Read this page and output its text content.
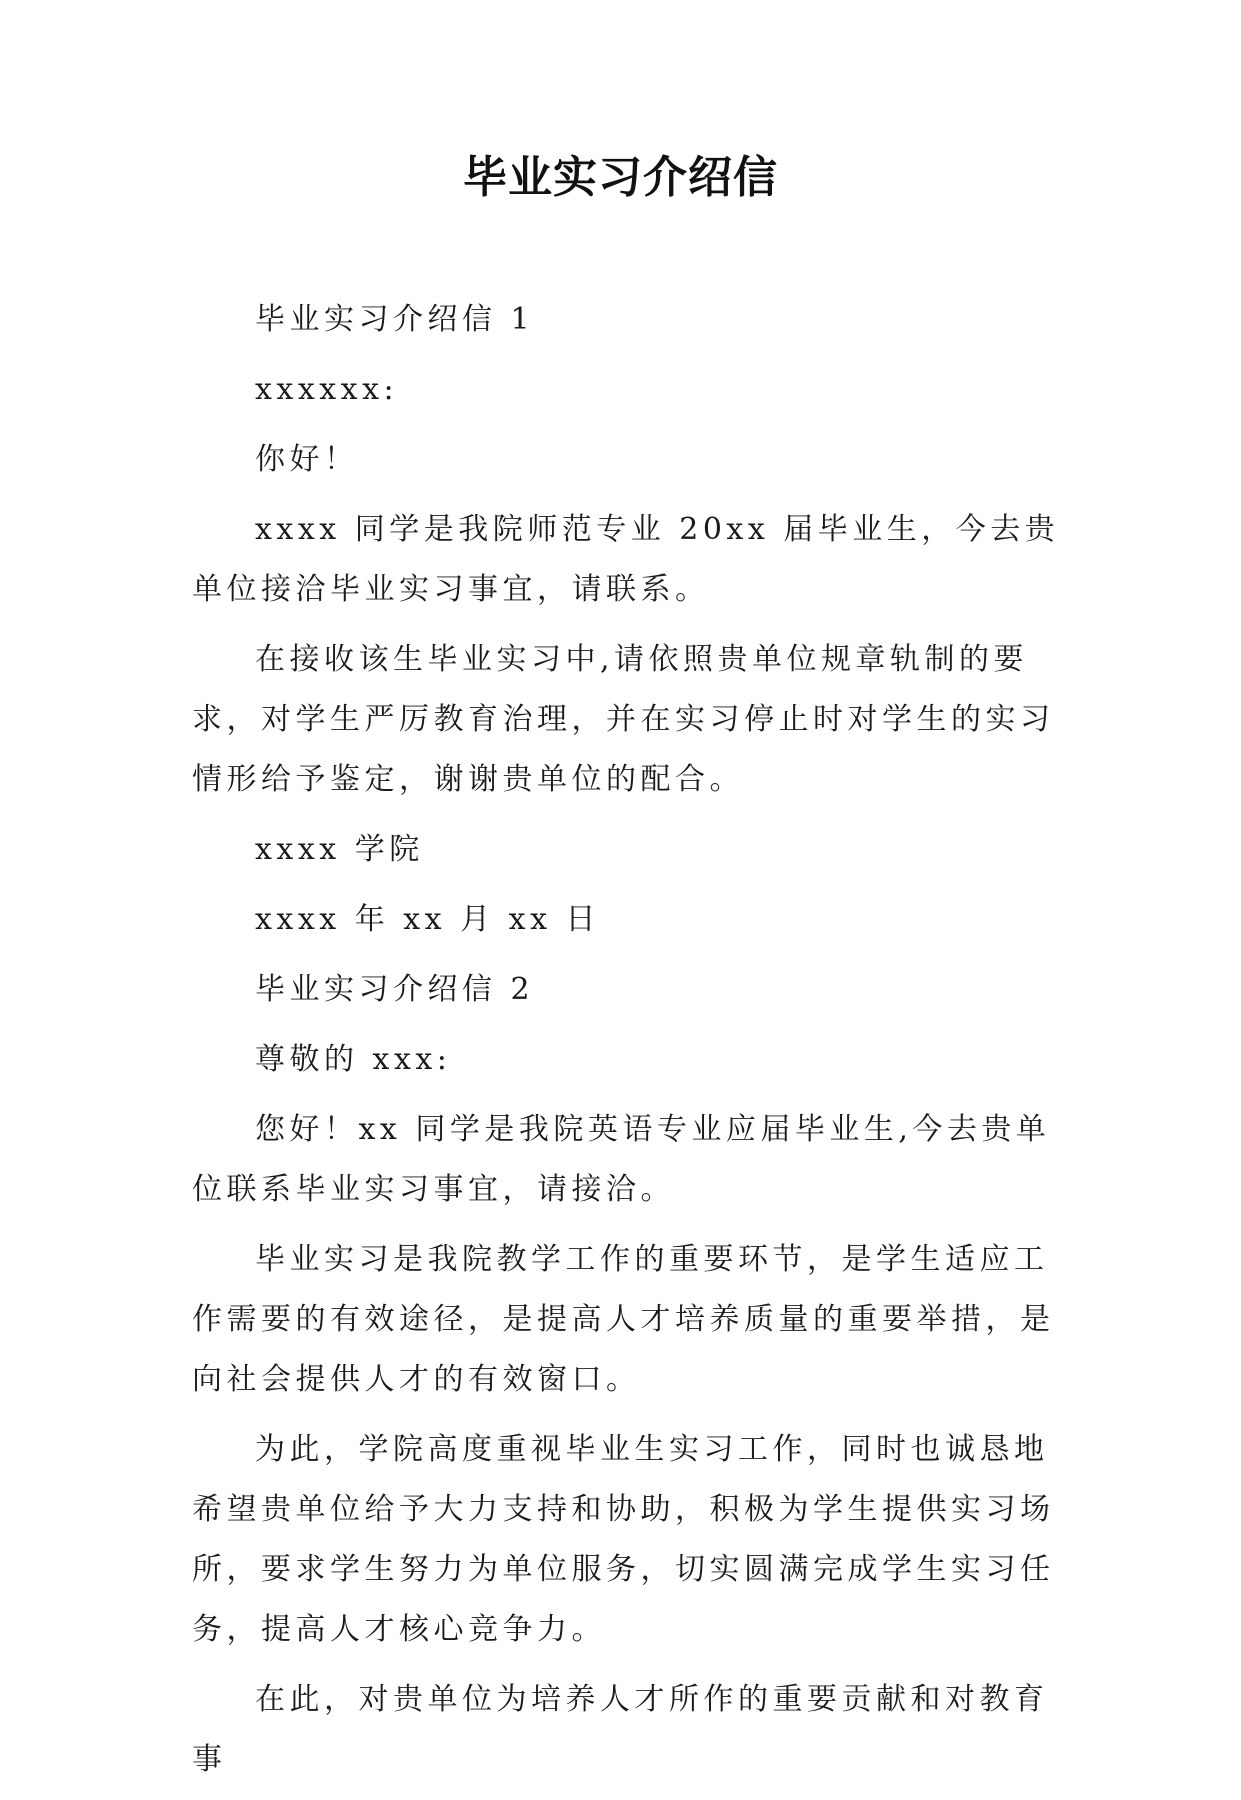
毕业实习介绍信

毕业实习介绍信 1

xxxxxx:

你好！

xxxx 同学是我院师范专业 20xx 届毕业生，今去贵单位接洽毕业实习事宜，请联系。

在接收该生毕业实习中,请依照贵单位规章轨制的要求，对学生严厉教育治理，并在实习停止时对学生的实习情形给予鉴定，谢谢贵单位的配合。

xxxx 学院

xxxx 年 xx 月 xx 日

毕业实习介绍信 2

尊敬的 xxx:

您好！xx 同学是我院英语专业应届毕业生,今去贵单位联系毕业实习事宜，请接洽。

毕业实习是我院教学工作的重要环节，是学生适应工作需要的有效途径，是提高人才培养质量的重要举措，是向社会提供人才的有效窗口。

为此，学院高度重视毕业生实习工作，同时也诚恳地希望贵单位给予大力支持和协助，积极为学生提供实习场所，要求学生努力为单位服务，切实圆满完成学生实习任务，提高人才核心竞争力。

在此，对贵单位为培养人才所作的重要贡献和对教育事
